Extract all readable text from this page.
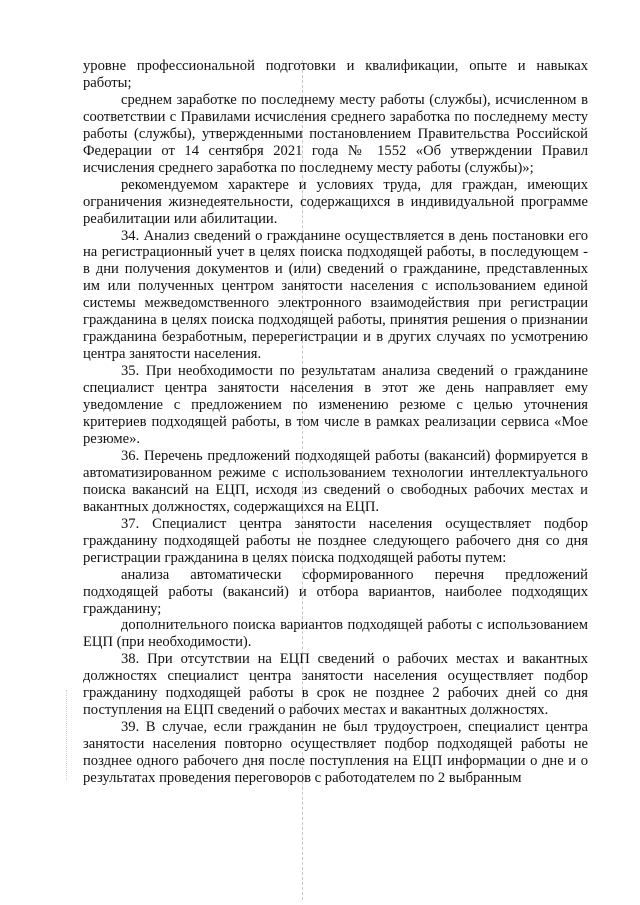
уровне профессиональной подготовки и квалификации, опыте и навыках работы;

среднем заработке по последнему месту работы (службы), исчисленном в соответствии с Правилами исчисления среднего заработка по последнему месту работы (службы), утвержденными постановлением Правительства Российской Федерации от 14 сентября 2021 года № 1552 «Об утверждении Правил исчисления среднего заработка по последнему месту работы (службы)»;

рекомендуемом характере и условиях труда, для граждан, имеющих ограничения жизнедеятельности, содержащихся в индивидуальной программе реабилитации или абилитации.

34. Анализ сведений о гражданине осуществляется в день постановки его на регистрационный учет в целях поиска подходящей работы, в последующем - в дни получения документов и (или) сведений о гражданине, представленных им или полученных центром занятости населения с использованием единой системы межведомственного электронного взаимодействия при регистрации гражданина в целях поиска подходящей работы, принятия решения о признании гражданина безработным, перерегистрации и в других случаях по усмотрению центра занятости населения.

35. При необходимости по результатам анализа сведений о гражданине специалист центра занятости населения в этот же день направляет ему уведомление с предложением по изменению резюме с целью уточнения критериев подходящей работы, в том числе в рамках реализации сервиса «Мое резюме».

36. Перечень предложений подходящей работы (вакансий) формируется в автоматизированном режиме с использованием технологии интеллектуального поиска вакансий на ЕЦП, исходя из сведений о свободных рабочих местах и вакантных должностях, содержащихся на ЕЦП.

37. Специалист центра занятости населения осуществляет подбор гражданину подходящей работы не позднее следующего рабочего дня со дня регистрации гражданина в целях поиска подходящей работы путем:

анализа автоматически сформированного перечня предложений подходящей работы (вакансий) и отбора вариантов, наиболее подходящих гражданину;

дополнительного поиска вариантов подходящей работы с использованием ЕЦП (при необходимости).

38. При отсутствии на ЕЦП сведений о рабочих местах и вакантных должностях специалист центра занятости населения осуществляет подбор гражданину подходящей работы в срок не позднее 2 рабочих дней со дня поступления на ЕЦП сведений о рабочих местах и вакантных должностях.

39. В случае, если гражданин не был трудоустроен, специалист центра занятости населения повторно осуществляет подбор подходящей работы не позднее одного рабочего дня после поступления на ЕЦП информации о дне и о результатах проведения переговоров с работодателем по 2 выбранным
